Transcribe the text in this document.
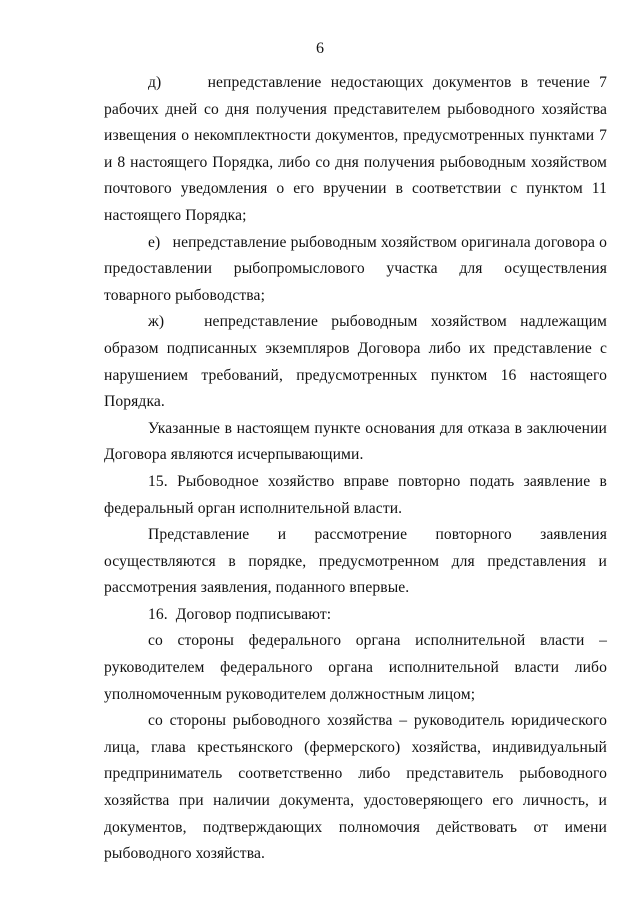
6

д)     непредставление недостающих документов в течение 7 рабочих дней со дня получения представителем рыбоводного хозяйства извещения о некомплектности документов, предусмотренных пунктами 7 и 8 настоящего Порядка, либо со дня получения рыбоводным хозяйством почтового уведомления о его вручении в соответствии с пунктом 11 настоящего Порядка;

е)   непредставление рыбоводным хозяйством оригинала договора о предоставлении рыбопромыслового участка для осуществления товарного рыбоводства;

ж)   непредставление рыбоводным хозяйством надлежащим образом подписанных экземпляров Договора либо их представление с нарушением требований, предусмотренных пунктом 16 настоящего Порядка.

Указанные в настоящем пункте основания для отказа в заключении Договора являются исчерпывающими.

15. Рыбоводное хозяйство вправе повторно подать заявление в федеральный орган исполнительной власти.

Представление и рассмотрение повторного заявления осуществляются в порядке, предусмотренном для представления и рассмотрения заявления, поданного впервые.

16.  Договор подписывают:

со стороны федерального органа исполнительной власти – руководителем федерального органа исполнительной власти либо уполномоченным руководителем должностным лицом;

со стороны рыбоводного хозяйства – руководитель юридического лица, глава крестьянского (фермерского) хозяйства, индивидуальный предприниматель соответственно либо представитель рыбоводного хозяйства при наличии документа, удостоверяющего его личность, и документов, подтверждающих полномочия действовать от имени рыбоводного хозяйства.
